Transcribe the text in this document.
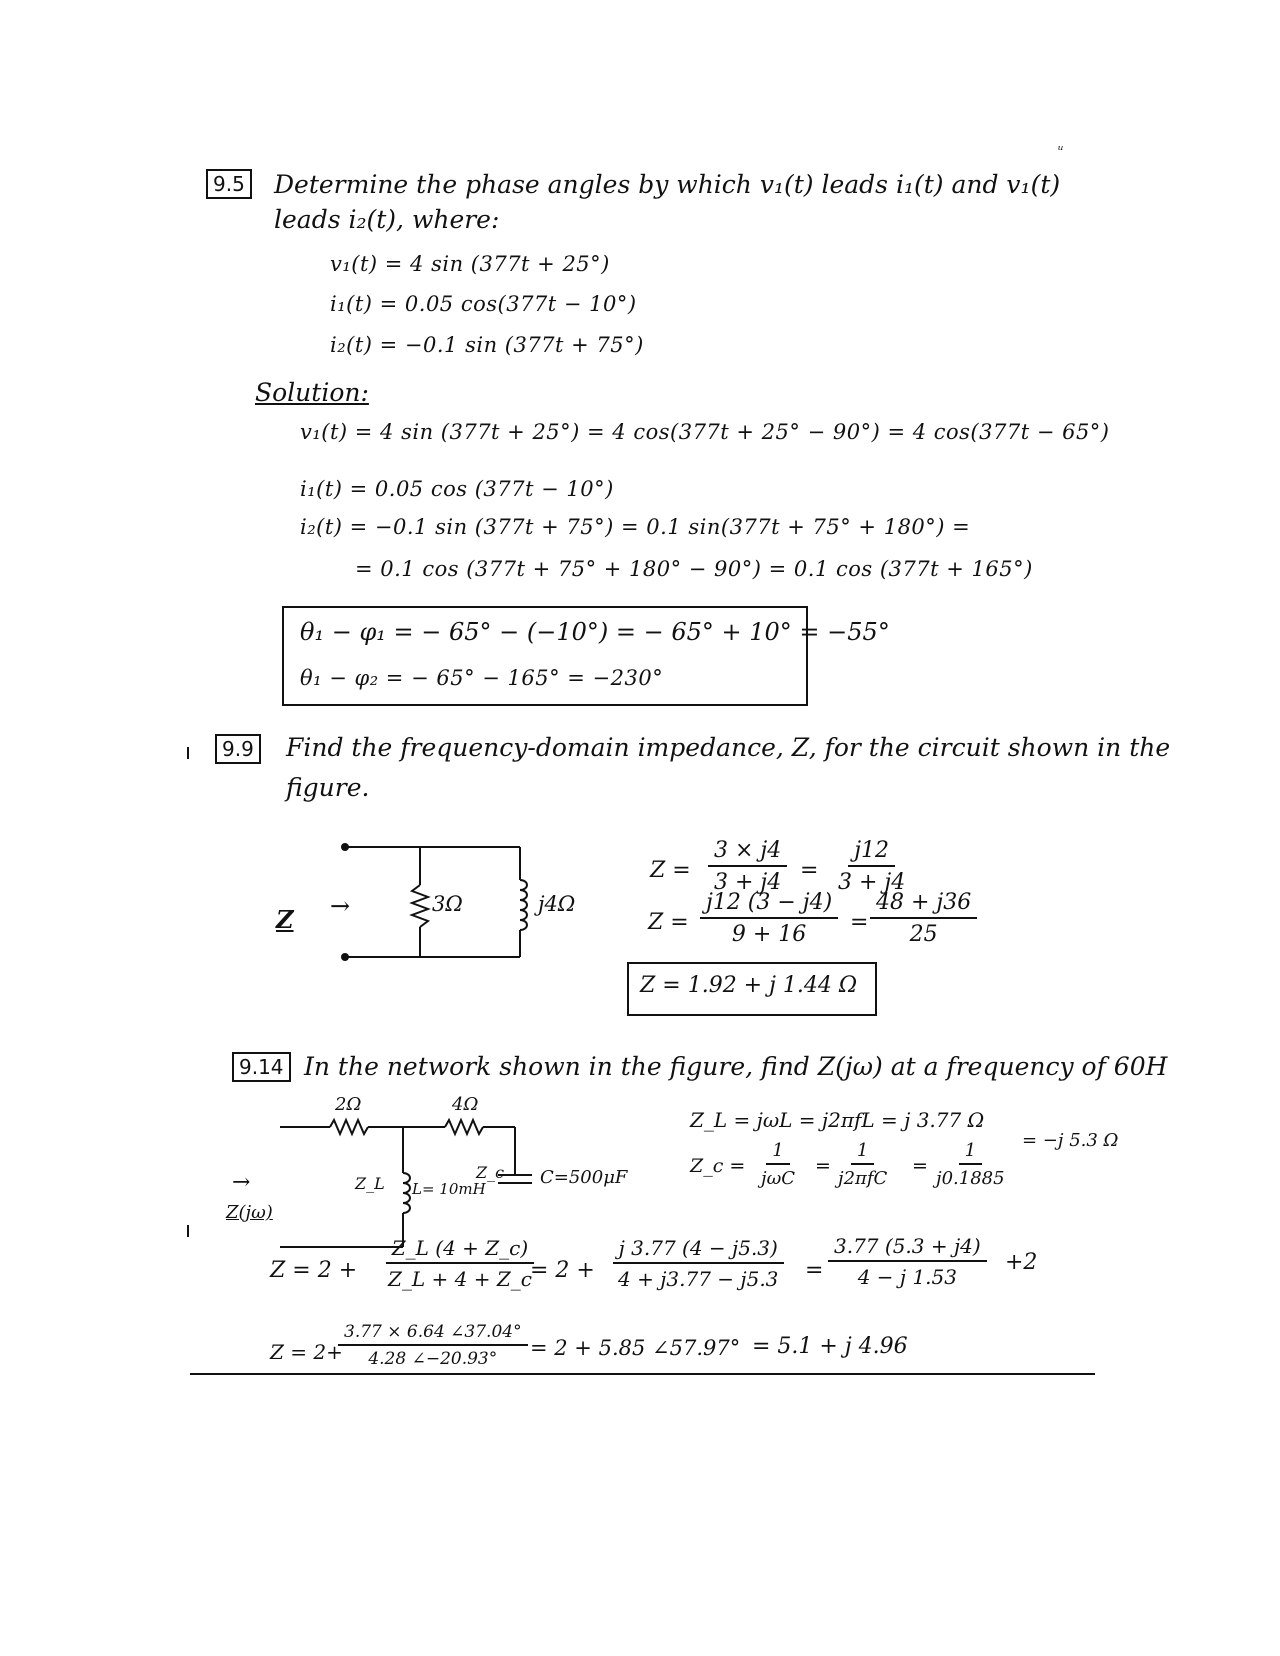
ᵤ
9.5 Determine the phase angles by which v₁(t) leads i₁(t) and v₁(t)
leads i₂(t), where:
v₁(t) = 4 sin (377t + 25°)
i₁(t) = 0.05 cos(377t − 10°)
i₂(t) = −0.1 sin (377t + 75°)
Solution:
v₁(t) = 4 sin (377t + 25°) = 4 cos(377t + 25° − 90°) = 4 cos(377t − 65°)
i₁(t) = 0.05 cos (377t − 10°)
i₂(t) = −0.1 sin (377t + 75°) = 0.1 sin(377t + 75° + 180°) =
= 0.1 cos (377t + 75° + 180° − 90°) = 0.1 cos (377t + 165°)
θ₁ − φ₁ = − 65° − (−10°) = − 65° + 10° = −55°
θ₁ − φ₂ = − 65° − 165° = −230°
9.9 Find the frequency-domain impedance, Z, for the circuit shown in the
figure.
Z →	3Ω	j4Ω
$Z = \frac{3 \times j4}{3 + j4} = \frac{j12}{3 + j4}$
$Z = \frac{j12 (3 - j4)}{9 + 16} = \frac{48 + j36}{25}$
Z = 1.92 + j 1.44 Ω
9.14 In the network shown in the figure, find Z(jω) at a frequency of 60H
2Ω	4Ω
Z_L L= 10mH
Z_c C=500μF
Z(jω)
→
Z_L = jωL = j2πfL = j 3.77 Ω
Z_c =
1
jωC
=
1
j2πfC
= $\frac{1}{j0.1885} = -j$ 5.3 Ω
$Z = 2 + \frac{Z\_L (4 + Z\_c)}{Z\_L + 4 + Z\_c}$
= $2 + \frac{j 3.77 (4 - j5.3)}{4 + j3.77 - j5.3} = \frac{3.77 (5.3 + j4)}{4 - j 1.53} +2$
Z = 2+
$\frac{3.77 \times 6.64 \angle 37.04^\circ}{4.28 \angle-20.93^\circ} = 2 + 5.85$ ∠57.97° = 5.1 + j 4.96
